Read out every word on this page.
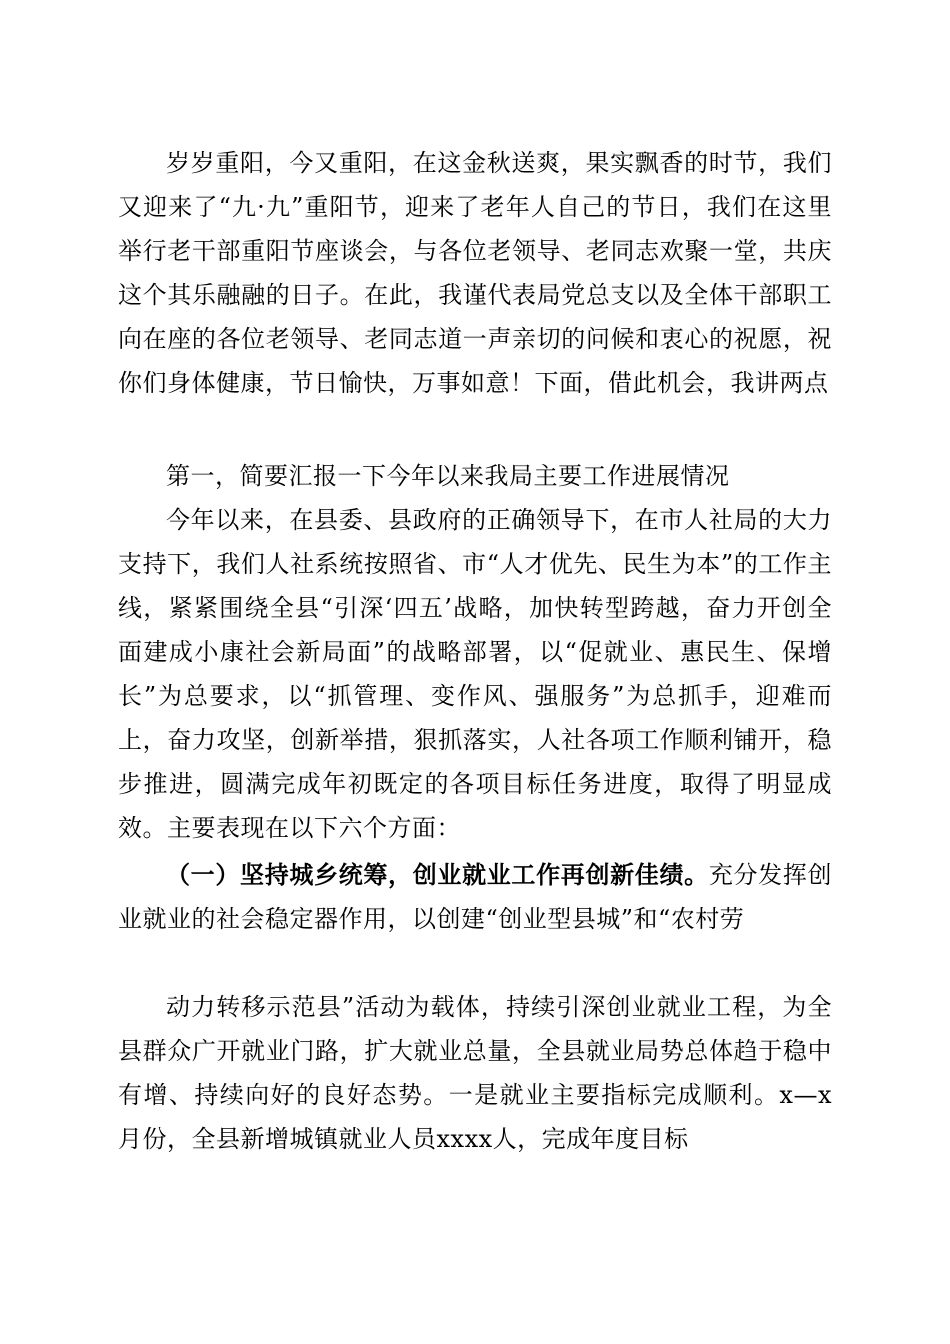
岁岁重阳，今又重阳，在这金秋送爽，果实飘香的时节，我们又迎来了“九·九”重阳节，迎来了老年人自己的节日，我们在这里举行老干部重阳节座谈会，与各位老领导、老同志欢聚一堂，共庆这个其乐融融的日子。在此，我谨代表局党总支以及全体干部职工向在座的各位老领导、老同志道一声亲切的问候和衷心的祝愿，祝你们身体健康，节日愉快，万事如意！下面，借此机会，我讲两点

第一，简要汇报一下今年以来我局主要工作进展情况

今年以来，在县委、县政府的正确领导下，在市人社局的大力支持下，我们人社系统按照省、市“人才优先、民生为本”的工作主线，紧紧围绕全县“引深‘四五’战略，加快转型跨越，奋力开创全面建成小康社会新局面”的战略部署，以“促就业、惠民生、保增长”为总要求，以“抓管理、变作风、强服务”为总抓手，迎难而上，奋力攻坚，创新举措，狠抓落实，人社各项工作顺利铺开，稳步推进，圆满完成年初既定的各项目标任务进度，取得了明显成效。主要表现在以下六个方面：

（一）坚持城乡统筹，创业就业工作再创新佳绩。充分发挥创业就业的社会稳定器作用，以创建“创业型县城”和“农村劳

动力转移示范县”活动为载体，持续引深创业就业工程，为全县群众广开就业门路，扩大就业总量，全县就业局势总体趋于稳中有增、持续向好的良好态势。一是就业主要指标完成顺利。x—x月份，全县新增城镇就业人员xxxx人，完成年度目标
